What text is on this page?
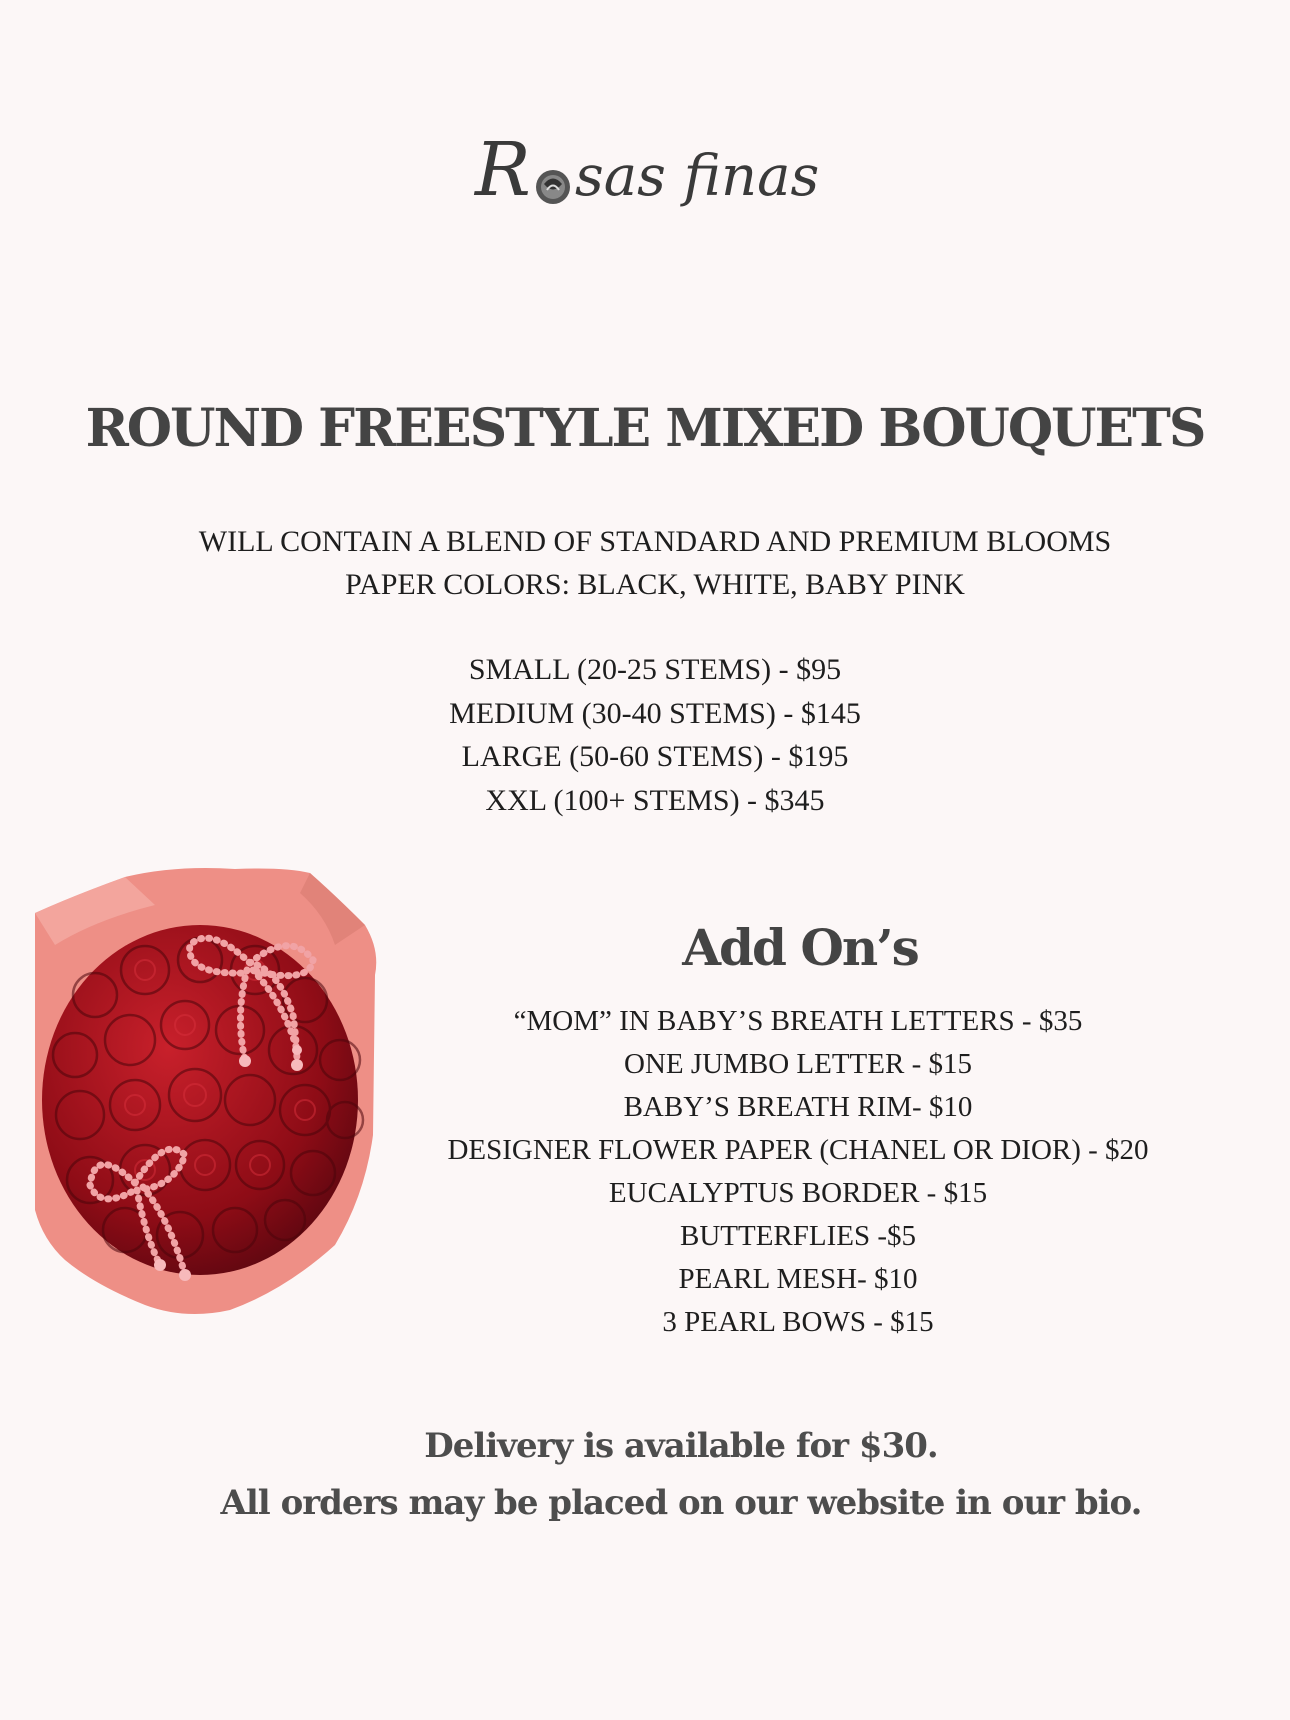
R sas finas
ROUND FREESTYLE MIXED BOUQUETS
WILL CONTAIN A BLEND OF STANDARD AND PREMIUM BLOOMS
PAPER COLORS: BLACK, WHITE, BABY PINK
SMALL (20-25 STEMS) - $95
MEDIUM (30-40 STEMS) - $145
LARGE (50-60 STEMS) - $195
XXL (100+ STEMS) - $345
Add On’s
“MOM” IN BABY’S BREATH LETTERS - $35
ONE JUMBO LETTER - $15
BABY’S BREATH RIM- $10
DESIGNER FLOWER PAPER (CHANEL OR DIOR) - $20
EUCALYPTUS BORDER - $15
BUTTERFLIES -$5
PEARL MESH- $10
3 PEARL BOWS - $15
Delivery is available for $30.
All orders may be placed on our website in our bio.
